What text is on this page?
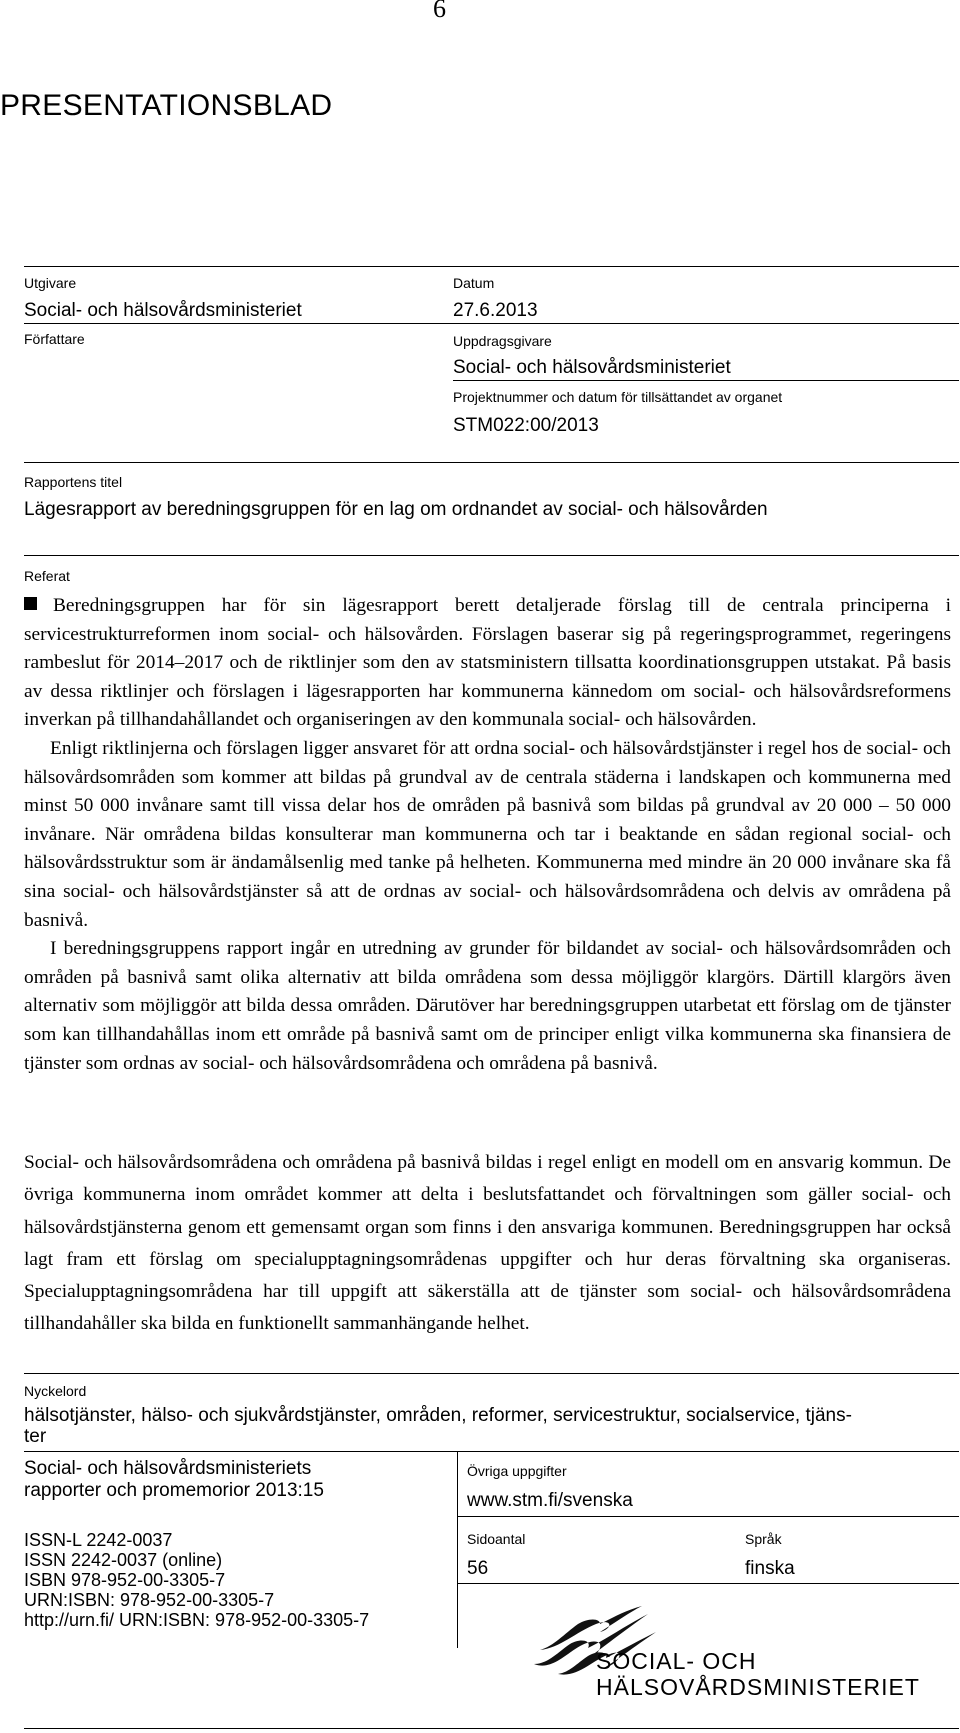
6
PRESENTATIONSBLAD
Utgivare
Social- och hälsovårdsministeriet
Datum
27.6.2013
Författare	Uppdragsgivare
Social- och hälsovårdsministeriet
Projektnummer och datum för tillsättandet av organet
STM022:00/2013
Rapportens titel
Lägesrapport av beredningsgruppen för en lag om ordnandet av social- och hälsovården
Referat

Beredningsgruppen har för sin lägesrapport berett detaljerade förslag till de centrala principerna i servicestrukturreformen inom social- och hälsovården. Förslagen baserar sig på regeringsprogrammet, regeringens rambeslut för 2014–2017 och de riktlinjer som den av statsministern tillsatta koordinationsgruppen utstakat. På basis av dessa riktlinjer och förslagen i lägesrapporten har kommunerna kännedom om social- och hälsovårdsreformens inverkan på tillhandahållandet och organiseringen av den kommunala social- och hälsovården.

Enligt riktlinjerna och förslagen ligger ansvaret för att ordna social- och hälsovårdstjänster i regel hos de social- och hälsovårdsområden som kommer att bildas på grundval av de centrala städerna i landskapen och kommunerna med minst 50 000 invånare samt till vissa delar hos de områden på basnivå som bildas på grundval av 20 000 – 50 000 invånare. När områdena bildas konsulterar man kommunerna och tar i beaktande en sådan regional social- och hälsovårdsstruktur som är ändamålsenlig med tanke på helheten. Kommunerna med mindre än 20 000 invånare ska få sina social- och hälsovårdstjänster så att de ordnas av social- och hälsovårdsområdena och delvis av områdena på basnivå.

I beredningsgruppens rapport ingår en utredning av grunder för bildandet av social- och hälsovårdsområden och områden på basnivå samt olika alternativ att bilda områdena som dessa möjliggör klargörs. Därtill klargörs även alternativ som möjliggör att bilda dessa områden. Därutöver har beredningsgruppen utarbetat ett förslag om de tjänster som kan tillhandahållas inom ett område på basnivå samt om de principer enligt vilka kommunerna ska finansiera de tjänster som ordnas av social- och hälsovårdsområdena och områdena på basnivå.

Social- och hälsovårdsområdena och områdena på basnivå bildas i regel enligt en modell om en ansvarig kommun. De övriga kommunerna inom området kommer att delta i beslutsfattandet och förvaltningen som gäller social- och hälsovårdstjänsterna genom ett gemensamt organ som finns i den ansvariga kommunen. Beredningsgruppen har också lagt fram ett förslag om specialupptagningsområdenas uppgifter och hur deras förvaltning ska organiseras. Specialupptagningsområdena har till uppgift att säkerställa att de tjänster som social- och hälsovårdsområdena tillhandahåller ska bilda en funktionellt sammanhängande helhet.

Nyckelord
hälsotjänster, hälso- och sjukvårdstjänster, områden, reformer, servicestruktur, socialservice, tjäns-
ter
Social- och hälsovårdsministeriets
rapporter och promemorior 2013:15
Övriga uppgifter
www.stm.fi/svenska
ISSN-L 2242-0037
ISSN 2242-0037 (online)
ISBN 978-952-00-3305-7
URN:ISBN: 978-952-00-3305-7
http://urn.fi/ URN:ISBN: 978-952-00-3305-7
Sidoantal
56
Språk
finska
SOCIAL- OCH
HÄLSOVÅRDSMINISTERIET
